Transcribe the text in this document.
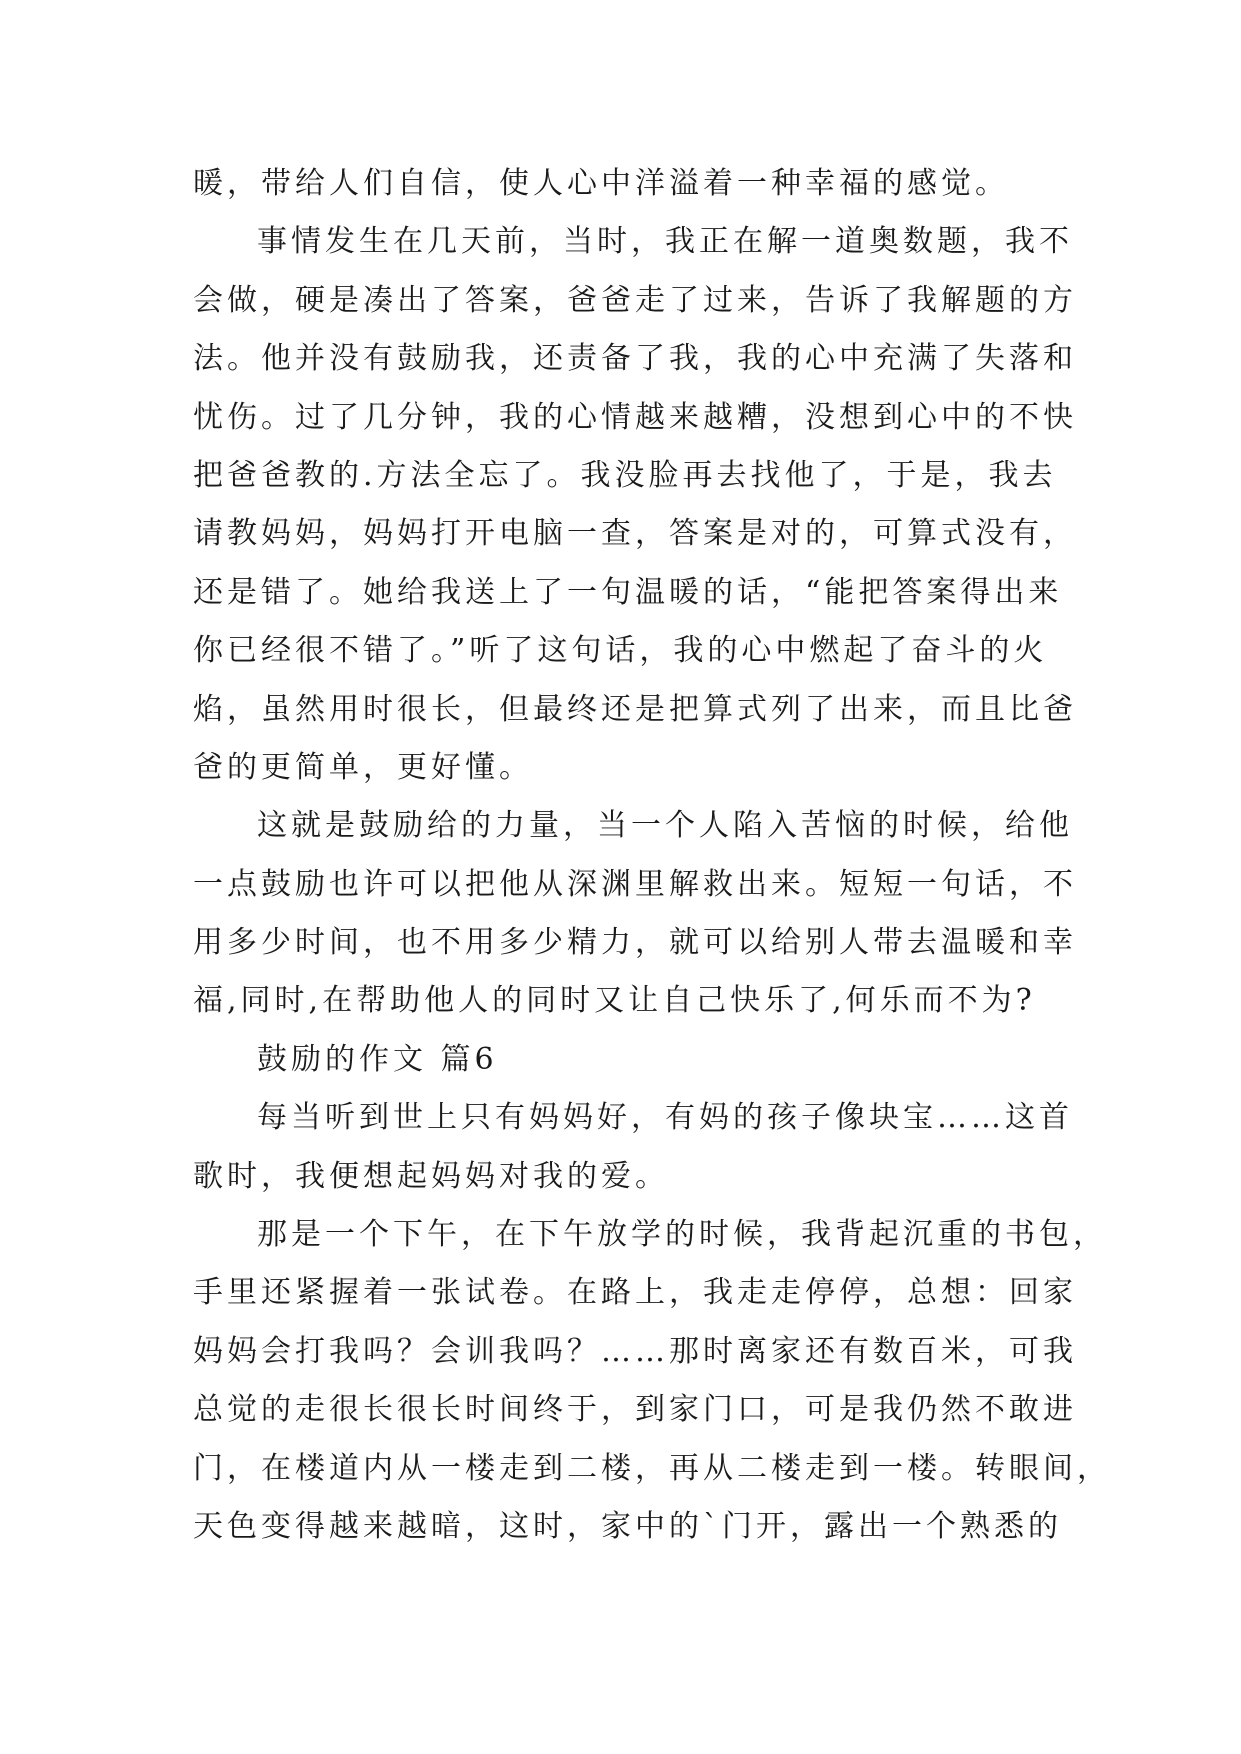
暖，带给人们自信，使人心中洋溢着一种幸福的感觉。
事情发生在几天前，当时，我正在解一道奥数题，我不
会做，硬是凑出了答案，爸爸走了过来，告诉了我解题的方
法。他并没有鼓励我，还责备了我，我的心中充满了失落和
忧伤。过了几分钟，我的心情越来越糟，没想到心中的不快
把爸爸教的.方法全忘了。我没脸再去找他了，于是，我去
请教妈妈，妈妈打开电脑一查，答案是对的，可算式没有，
还是错了。她给我送上了一句温暖的话，“能把答案得出来
你已经很不错了。”听了这句话，我的心中燃起了奋斗的火
焰，虽然用时很长，但最终还是把算式列了出来，而且比爸
爸的更简单，更好懂。
这就是鼓励给的力量，当一个人陷入苦恼的时候，给他
一点鼓励也许可以把他从深渊里解救出来。短短一句话，不
用多少时间，也不用多少精力，就可以给别人带去温暖和幸
福,同时,在帮助他人的同时又让自己快乐了,何乐而不为?
鼓励的作文 篇6
每当听到世上只有妈妈好，有妈的孩子像块宝……这首
歌时，我便想起妈妈对我的爱。
那是一个下午，在下午放学的时候，我背起沉重的书包，
手里还紧握着一张试卷。在路上，我走走停停，总想：回家
妈妈会打我吗？会训我吗？……那时离家还有数百米，可我
总觉的走很长很长时间终于，到家门口，可是我仍然不敢进
门，在楼道内从一楼走到二楼，再从二楼走到一楼。转眼间，
天色变得越来越暗，这时，家中的`门开，露出一个熟悉的
